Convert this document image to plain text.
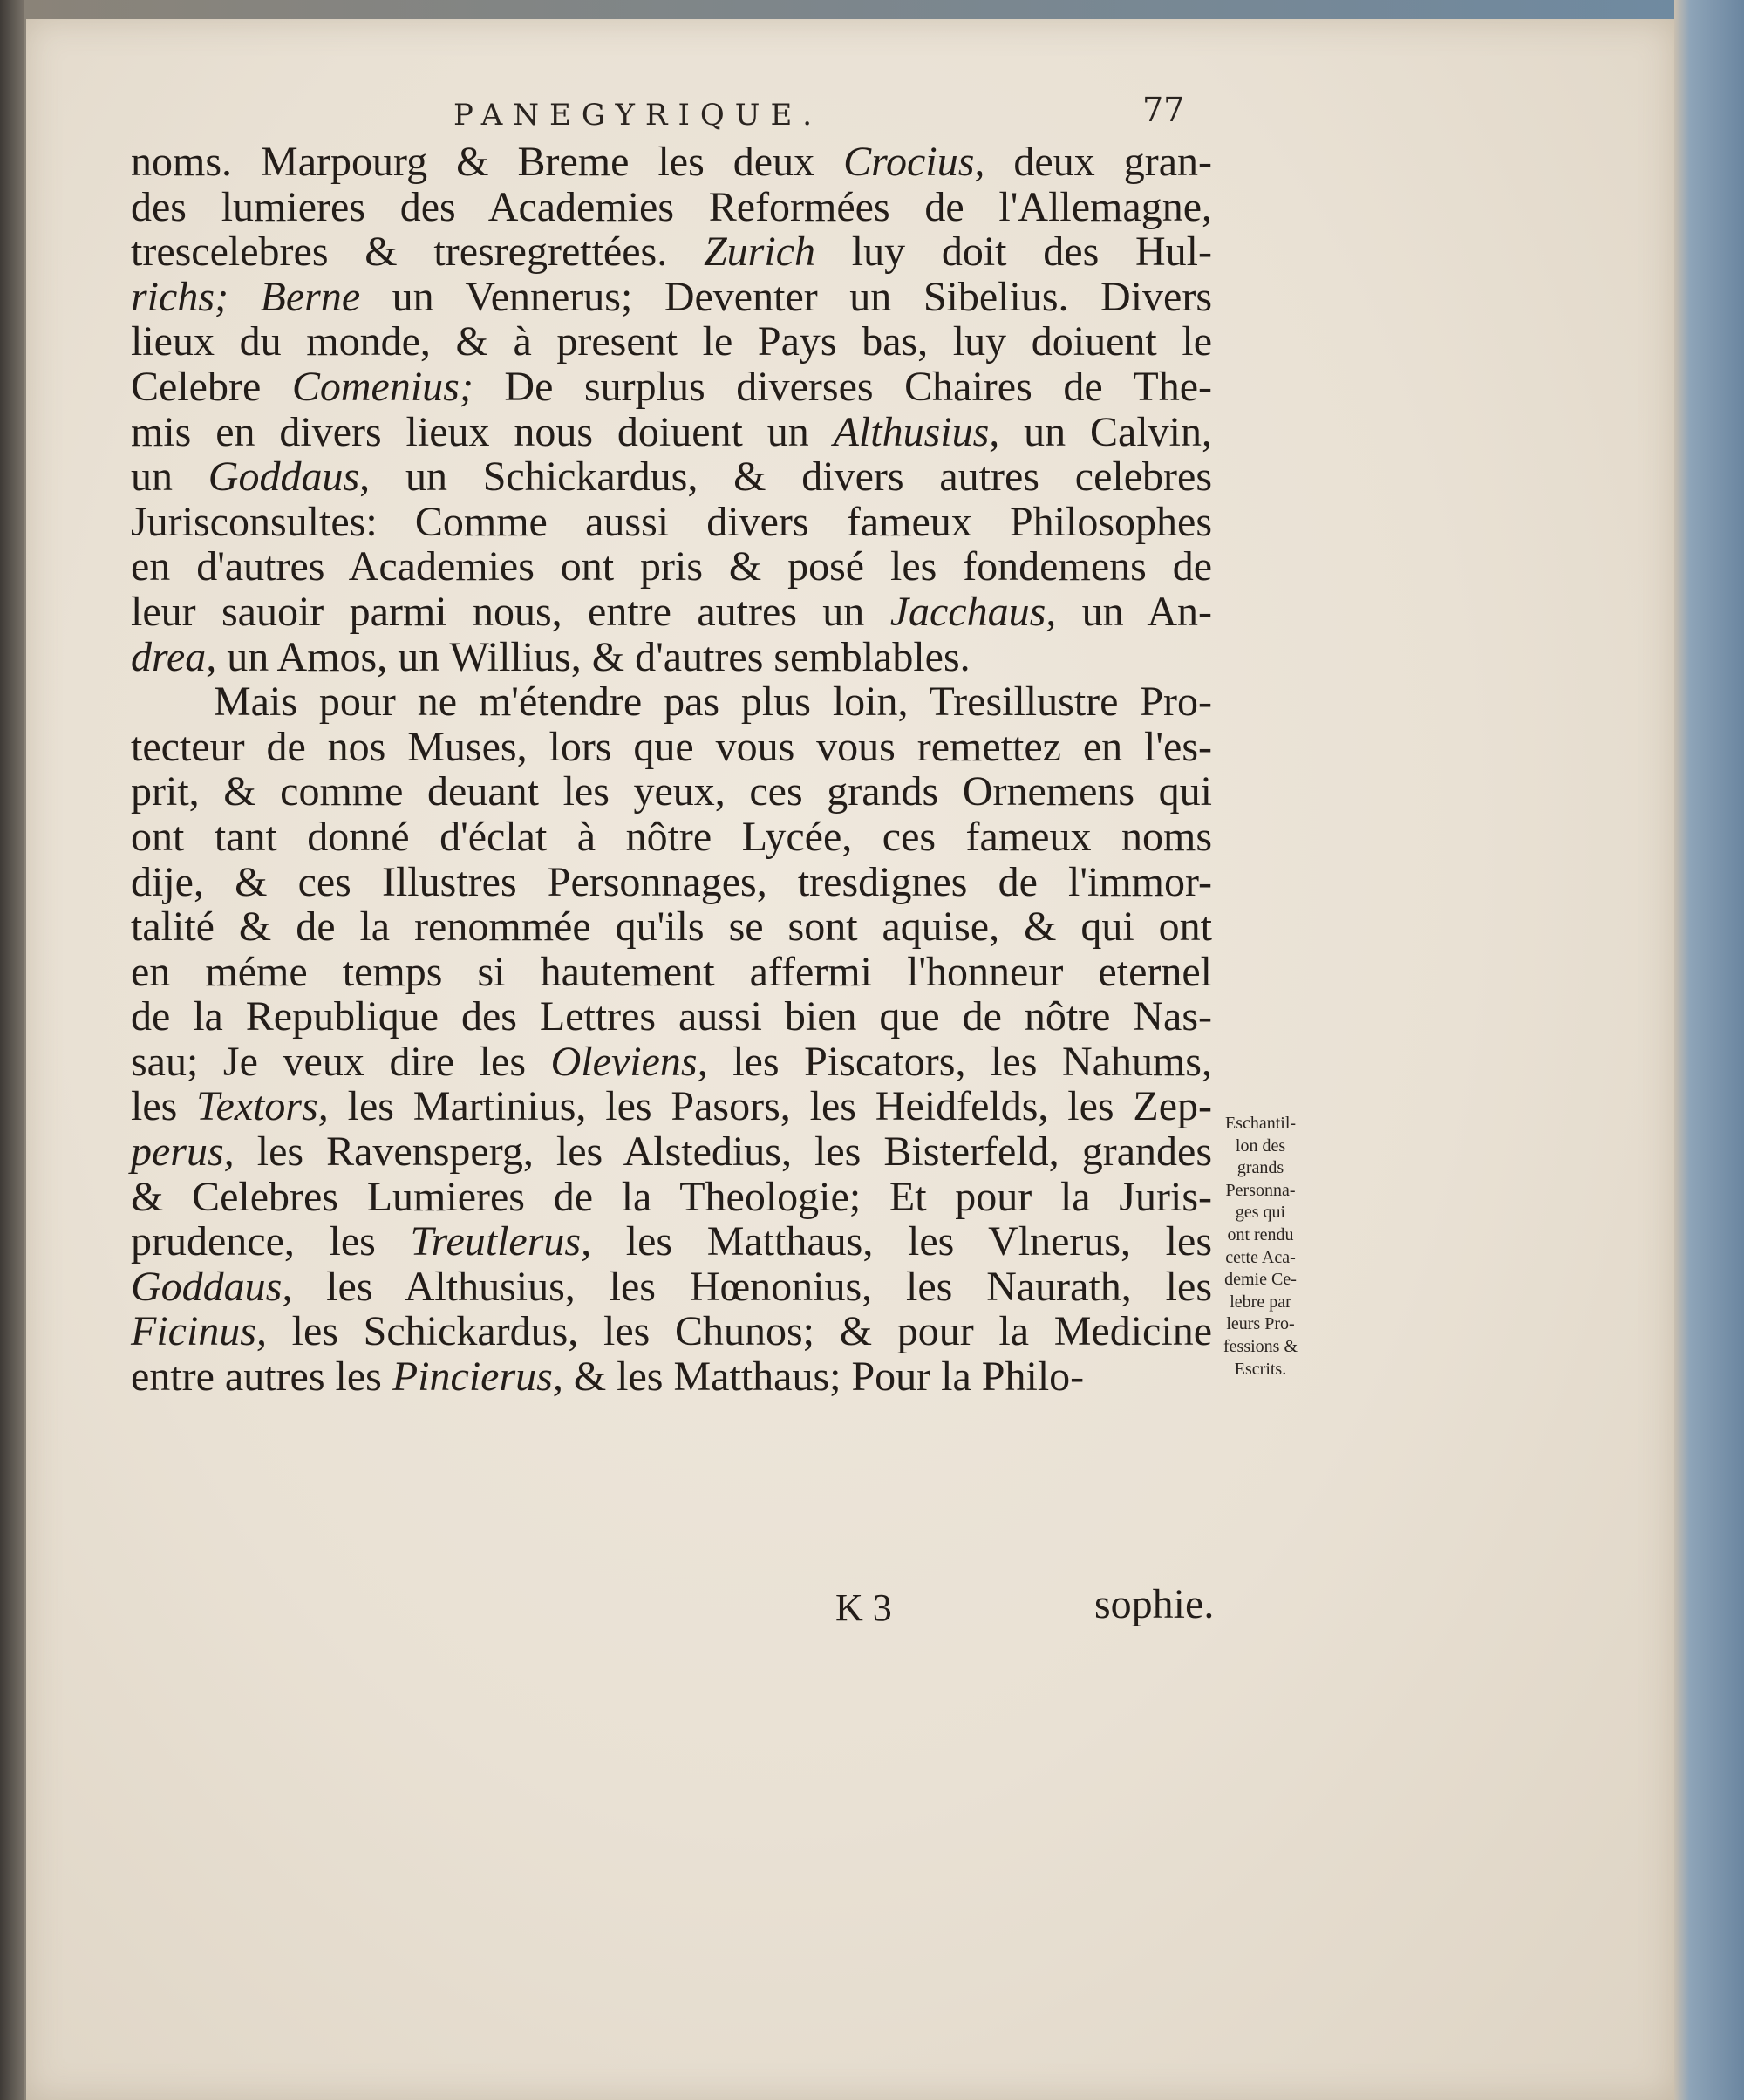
PANEGYRIQUE.	77
noms. Marpourg & Breme les deux Crocius, deux gran-
des lumieres des Academies Reformées de l'Allemagne,
trescelebres & tresregrettées. Zurich luy doit des Hul-
richs; Berne un Vennerus; Deventer un Sibelius. Divers
lieux du monde, & à present le Pays bas, luy doiuent le
Celebre Comenius; De surplus diverses Chaires de The-
mis en divers lieux nous doiuent un Althusius, un Calvin,
un Goddaus, un Schickardus, & divers autres celebres
Jurisconsultes: Comme aussi divers fameux Philosophes
en d'autres Academies ont pris & posé les fondemens de
leur sauoir parmi nous, entre autres un Jacchaus, un An-
drea, un Amos, un Willius, & d'autres semblables.
Mais pour ne m'étendre pas plus loin, Tresillustre Pro-
tecteur de nos Muses, lors que vous vous remettez en l'es-
prit, & comme deuant les yeux, ces grands Ornemens qui
ont tant donné d'éclat à nôtre Lycée, ces fameux noms
dije, & ces Illustres Personnages, tresdignes de l'immor-
talité & de la renommée qu'ils se sont aquise, & qui ont
en méme temps si hautement affermi l'honneur eternel
de la Republique des Lettres aussi bien que de nôtre Nas-
sau; Je veux dire les Oleviens, les Piscators, les Nahums,
les Textors, les Martinius, les Pasors, les Heidfelds, les Zep-
perus, les Ravensperg, les Alstedius, les Bisterfeld, grandes
& Celebres Lumieres de la Theologie; Et pour la Juris-
prudence, les Treutlerus, les Matthaus, les Vlnerus, les
Goddaus, les Althusius, les Hœnonius, les Naurath, les
Ficinus, les Schickardus, les Chunos; & pour la Medicine
entre autres les Pincierus, & les Matthaus; Pour la Philo-
Eschantil-
lon des
grands
Personna-
ges qui
ont rendu
cette Aca-
demie Ce-
lebre par
leurs Pro-
fessions &
Escrits.
K 3	sophie.
